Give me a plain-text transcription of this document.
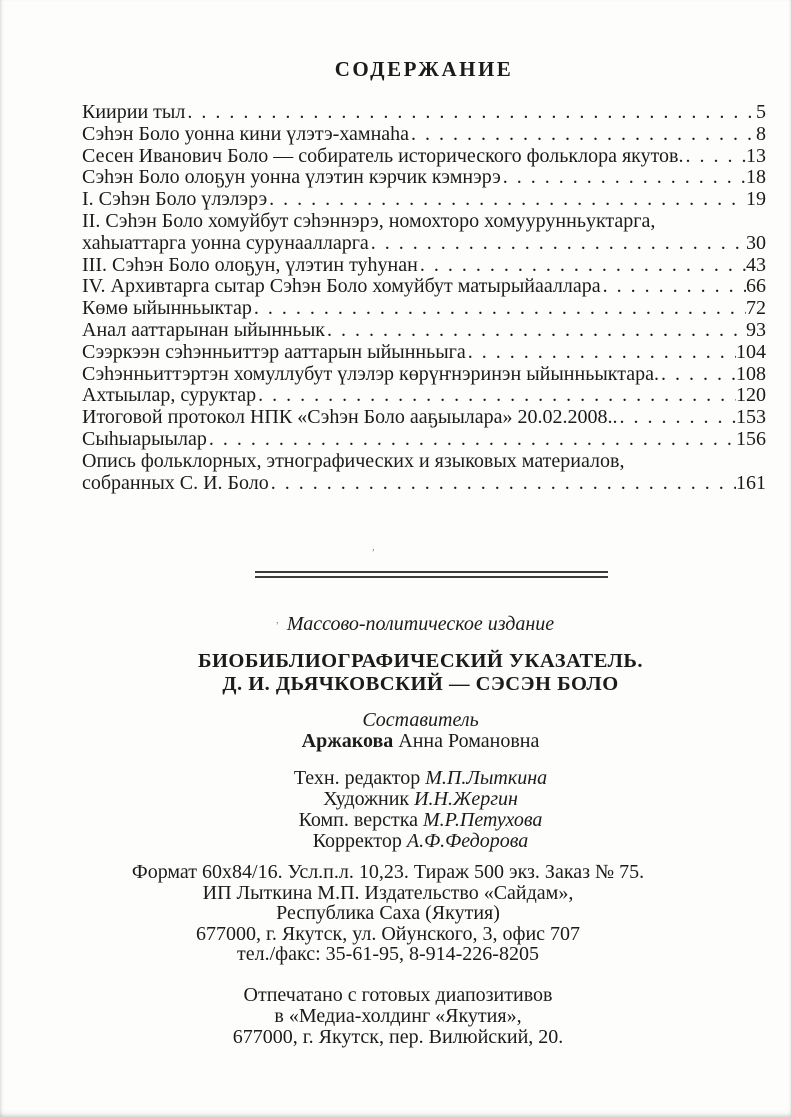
СОДЕРЖАНИЕ
Киирии тыл . . .	5
Сэһэн Боло уонна кини үлэтэ-хамнаһа . . .	8
Сесен Иванович Боло — собиратель исторического фольклора якутов. . . .	13
Сэһэн Боло олоҕун уонна үлэтин кэрчик кэмнэрэ . . .	18
I. Сэһэн Боло үлэлэрэ . . .	19
II. Сэһэн Боло хомуйбут сэһэннэрэ, номохторо хомуурунньуктарга,
хаһыаттарга уонна сурунаалларга . . .	30
III. Сэһэн Боло олоҕун, үлэтин туһунан . . .	43
IV. Архивтарга сытар Сэһэн Боло хомуйбут матырыйааллара . . .	66
Көмө ыйынньыктар . . .	72
Анал ааттарынан ыйынньык . . .	93
Сээркээн сэһэнньиттэр ааттарын ыйынньыга . . .	104
Сэһэнньиттэртэн хомуллубут үлэлэр көрүҥнэринэн ыйынньыктара. . . .	108
Ахтыылар, суруктар . . .	120
Итоговой протокол НПК «Сэһэн Боло ааҕыылара» 20.02.2008.. . . .	153
Сыһыарыылар . . .	156
Опись фольклорных, этнографических и языковых материалов,
собранных С. И. Боло . . .	161
,
, Массово-политическое издание
БИОБИБЛИОГРАФИЧЕСКИЙ УКАЗАТЕЛЬ.
Д. И. ДЬЯЧКОВСКИЙ — СЭСЭН БОЛО
Составитель
Аржакова Анна Романовна
Техн. редактор М.П.Лыткина
Художник И.Н.Жергин
Комп. верстка М.Р.Петухова
Корректор А.Ф.Федорова
Формат 60х84/16. Усл.п.л. 10,23. Тираж 500 экз. Заказ № 75.
ИП Лыткина М.П. Издательство «Сайдам»,
Республика Саха (Якутия)
677000, г. Якутск, ул. Ойунского, 3, офис 707
тел./факс: 35-61-95, 8-914-226-8205
Отпечатано с готовых диапозитивов
в «Медиа-холдинг «Якутия»,
677000, г. Якутск, пер. Вилюйский, 20.
